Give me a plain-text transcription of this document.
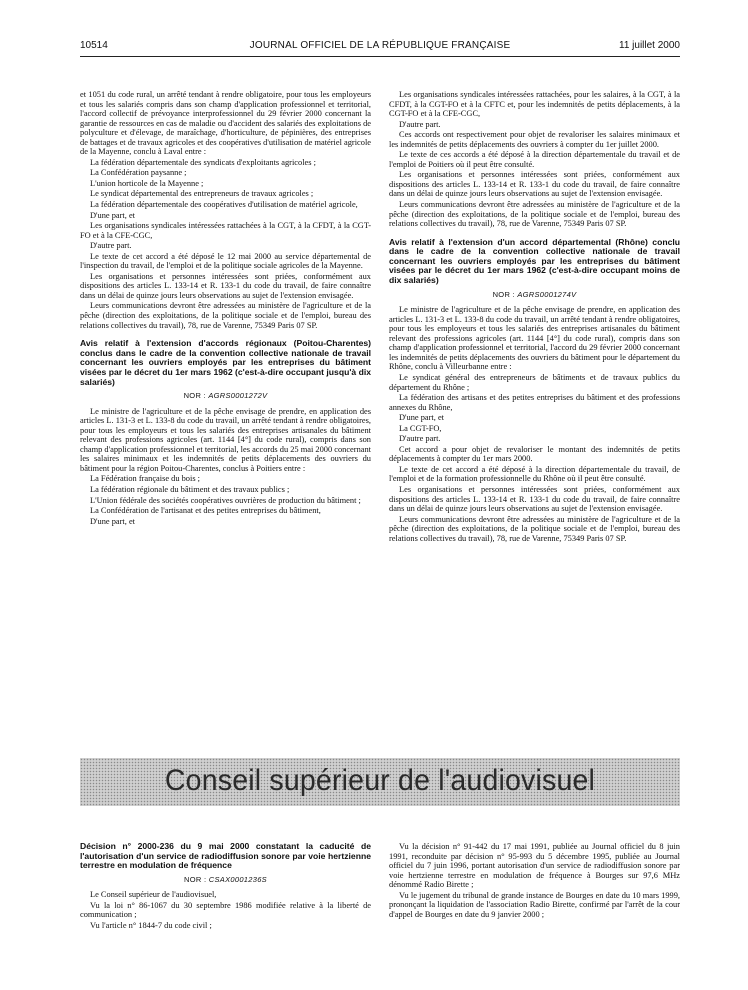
JOURNAL OFFICIEL DE LA RÉPUBLIQUE FRANÇAISE
10514	11 juillet 2000

et 1051 du code rural, un arrêté tendant à rendre obligatoire, pour tous les employeurs et tous les salariés compris dans son champ d'application professionnel et territorial, l'accord collectif de prévoyance interprofessionnel du 29 février 2000 concernant la garantie de ressources en cas de maladie ou d'accident des salariés des exploitations de polyculture et d'élevage, de maraîchage, d'horticulture, de pépinières, des entreprises de battages et de travaux agricoles et des coopératives d'utilisation de matériel agricole de la Mayenne, conclu à Laval entre :

La fédération départementale des syndicats d'exploitants agricoles ;

La Confédération paysanne ;

L'union horticole de la Mayenne ;

Le syndicat départemental des entrepreneurs de travaux agricoles ;

La fédération départementale des coopératives d'utilisation de matériel agricole,

D'une part, et

Les organisations syndicales intéressées rattachées à la CGT, à la CFDT, à la CGT-FO et à la CFE-CGC,

D'autre part.

Le texte de cet accord a été déposé le 12 mai 2000 au service départemental de l'inspection du travail, de l'emploi et de la politique sociale agricoles de la Mayenne.

Les organisations et personnes intéressées sont priées, conformément aux dispositions des articles L. 133-14 et R. 133-1 du code du travail, de faire connaître dans un délai de quinze jours leurs observations au sujet de l'extension envisagée.

Leurs communications devront être adressées au ministère de l'agriculture et de la pêche (direction des exploitations, de la politique sociale et de l'emploi, bureau des relations collectives du travail), 78, rue de Varenne, 75349 Paris 07 SP.

Avis relatif à l'extension d'accords régionaux (Poitou-Charentes) conclus dans le cadre de la convention collective nationale de travail concernant les ouvriers employés par les entreprises du bâtiment visées par le décret du 1er mars 1962 (c'est-à-dire occupant jusqu'à dix salariés)
NOR : AGRS0001272V

Le ministre de l'agriculture et de la pêche envisage de prendre, en application des articles L. 131-3 et L. 133-8 du code du travail, un arrêté tendant à rendre obligatoires, pour tous les employeurs et tous les salariés des entreprises artisanales du bâtiment relevant des professions agricoles (art. 1144 [4°] du code rural), compris dans son champ d'application professionnel et territorial, les accords du 25 mai 2000 concernant les salaires minimaux et les indemnités de petits déplacements des ouvriers du bâtiment pour la région Poitou-Charentes, conclus à Poitiers entre :

La Fédération française du bois ;

La fédération régionale du bâtiment et des travaux publics ;

L'Union fédérale des sociétés coopératives ouvrières de production du bâtiment ;

La Confédération de l'artisanat et des petites entreprises du bâtiment,

D'une part, et

Les organisations syndicales intéressées rattachées, pour les salaires, à la CGT, à la CFDT, à la CGT-FO et à la CFTC et, pour les indemnités de petits déplacements, à la CGT-FO et à la CFE-CGC,

D'autre part.

Ces accords ont respectivement pour objet de revaloriser les salaires minimaux et les indemnités de petits déplacements des ouvriers à compter du 1er juillet 2000.

Le texte de ces accords a été déposé à la direction départementale du travail et de l'emploi de Poitiers où il peut être consulté.

Les organisations et personnes intéressées sont priées, conformément aux dispositions des articles L. 133-14 et R. 133-1 du code du travail, de faire connaître dans un délai de quinze jours leurs observations au sujet de l'extension envisagée.

Leurs communications devront être adressées au ministère de l'agriculture et de la pêche (direction des exploitations, de la politique sociale et de l'emploi, bureau des relations collectives du travail), 78, rue de Varenne, 75349 Paris 07 SP.

Avis relatif à l'extension d'un accord départemental (Rhône) conclu dans le cadre de la convention collective nationale de travail concernant les ouvriers employés par les entreprises du bâtiment visées par le décret du 1er mars 1962 (c'est-à-dire occupant moins de dix salariés)
NOR : AGRS0001274V

Le ministre de l'agriculture et de la pêche envisage de prendre, en application des articles L. 131-3 et L. 133-8 du code du travail, un arrêté tendant à rendre obligatoires, pour tous les employeurs et tous les salariés des entreprises artisanales du bâtiment relevant des professions agricoles (art. 1144 [4°] du code rural), compris dans son champ d'application professionnel et territorial, l'accord du 29 février 2000 concernant les indemnités de petits déplacements des ouvriers du bâtiment pour le département du Rhône, conclu à Villeurbanne entre :

Le syndicat général des entrepreneurs de bâtiments et de travaux publics du département du Rhône ;

La fédération des artisans et des petites entreprises du bâtiment et des professions annexes du Rhône,

D'une part, et

La CGT-FO,

D'autre part.

Cet accord a pour objet de revaloriser le montant des indemnités de petits déplacements à compter du 1er mars 2000.

Le texte de cet accord a été déposé à la direction départementale du travail, de l'emploi et de la formation professionnelle du Rhône où il peut être consulté.

Les organisations et personnes intéressées sont priées, conformément aux dispositions des articles L. 133-14 et R. 133-1 du code du travail, de faire connaître dans un délai de quinze jours leurs observations au sujet de l'extension envisagée.

Leurs communications devront être adressées au ministère de l'agriculture et de la pêche (direction des exploitations, de la politique sociale et de l'emploi, bureau des relations collectives du travail), 78, rue de Varenne, 75349 Paris 07 SP.

Conseil supérieur de l'audiovisuel
Décision n° 2000-236 du 9 mai 2000 constatant la caducité de l'autorisation d'un service de radiodiffusion sonore par voie hertzienne terrestre en modulation de fréquence
NOR : CSAX0001236S

Le Conseil supérieur de l'audiovisuel,

Vu la loi n° 86-1067 du 30 septembre 1986 modifiée relative à la liberté de communication ;

Vu l'article n° 1844-7 du code civil ;

Vu la décision n° 91-442 du 17 mai 1991, publiée au Journal officiel du 8 juin 1991, reconduite par décision n° 95-993 du 5 décembre 1995, publiée au Journal officiel du 7 juin 1996, portant autorisation d'un service de radiodiffusion sonore par voie hertzienne terrestre en modulation de fréquence à Bourges sur 97,6 MHz dénommé Radio Birette ;

Vu le jugement du tribunal de grande instance de Bourges en date du 10 mars 1999, prononçant la liquidation de l'association Radio Birette, confirmé par l'arrêt de la cour d'appel de Bourges en date du 9 janvier 2000 ;
